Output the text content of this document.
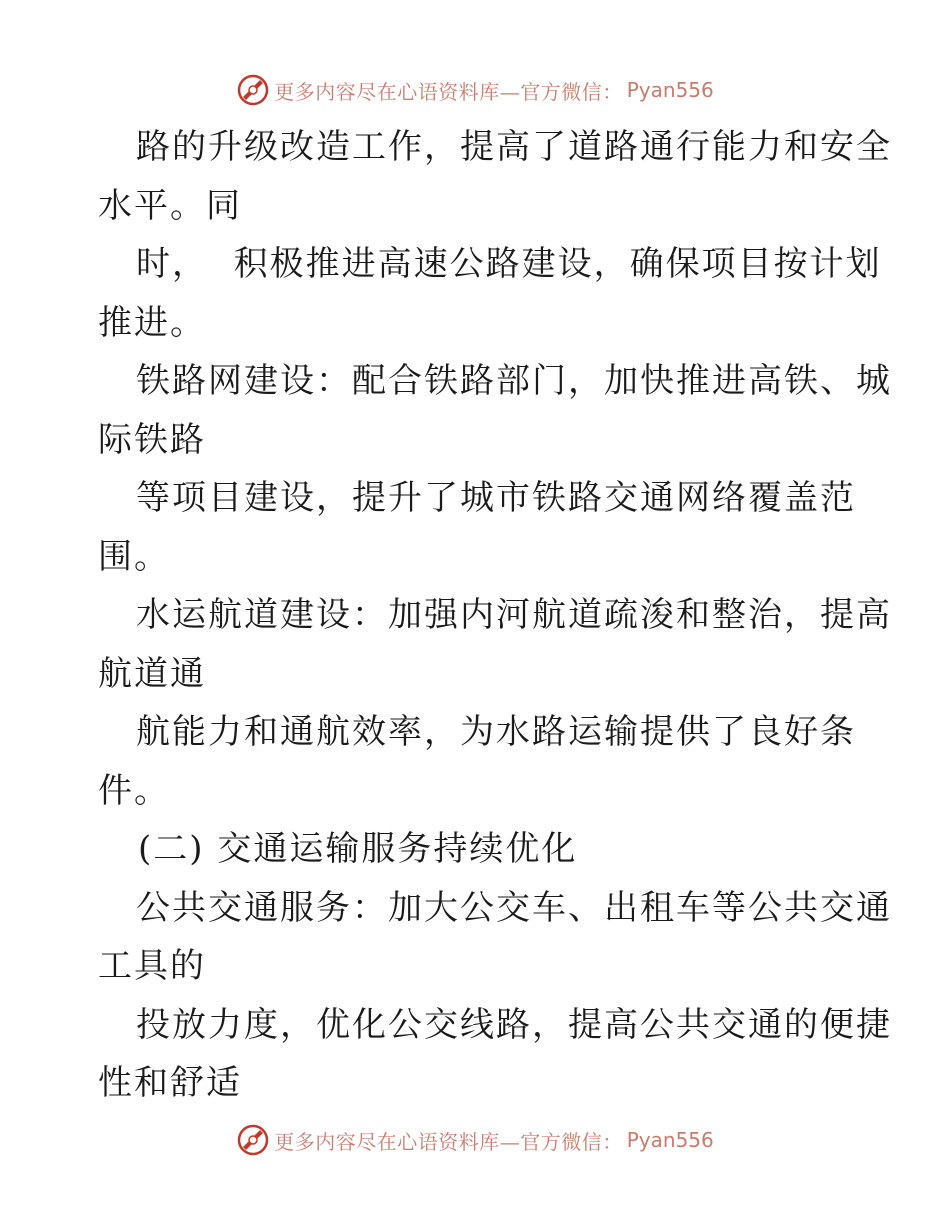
更多内容尽在心语资料库—官方微信： Pyan556
路的升级改造工作，提高了道路通行能力和安全
水平。同
时，  积极推进高速公路建设，确保项目按计划
推进。
铁路网建设：配合铁路部门，加快推进高铁、城
际铁路
等项目建设，提升了城市铁路交通网络覆盖范
围。
水运航道建设：加强内河航道疏浚和整治，提高
航道通
航能力和通航效率，为水路运输提供了良好条
件。
(二) 交通运输服务持续优化
公共交通服务：加大公交车、出租车等公共交通
工具的
投放力度，优化公交线路，提高公共交通的便捷
性和舒适
更多内容尽在心语资料库—官方微信： Pyan556
